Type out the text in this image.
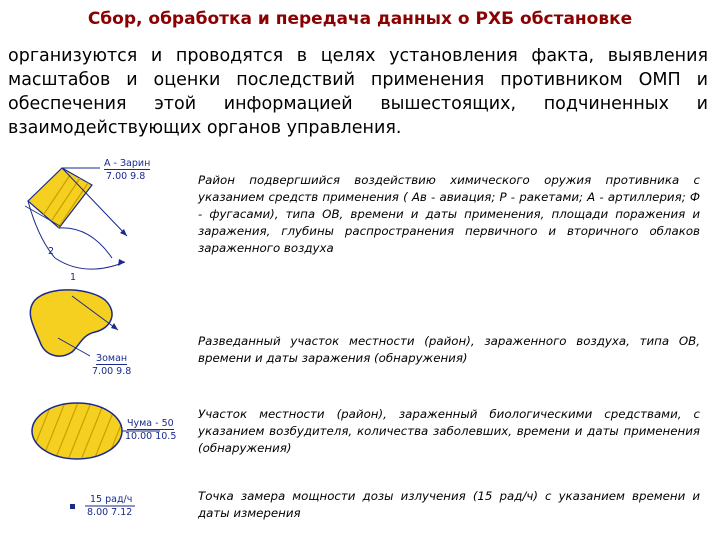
Сбор, обработка и передача данных о РХБ обстановке
организуются и проводятся в целях установления факта, выявления масштабов и оценки последствий применения противником ОМП и обеспечения этой информацией вышестоящих, подчиненных и взаимодействующих органов управления.
А - Зарин
7.00 9.8
2
1
Район подвергшийся воздействию химического оружия противника с указанием средств применения ( Ав - авиация; Р - ракетами; А - артиллерия; Ф - фугасами), типа ОВ, времени и даты применения, площади поражения и заражения, глубины распространения первичного и вторичного облаков зараженного воздуха
Зоман
7.00 9.8
Разведанный участок местности (район), зараженного воздуха, типа ОВ, времени и даты заражения (обнаружения)
Чума - 50
10.00 10.5
Участок местности (район), зараженный биологическими средствами, с указанием возбудителя, количества заболевших, времени и даты применения (обнаружения)
15 рад/ч
8.00 7.12
Точка замера мощности дозы излучения (15 рад/ч) с указанием времени и даты измерения
